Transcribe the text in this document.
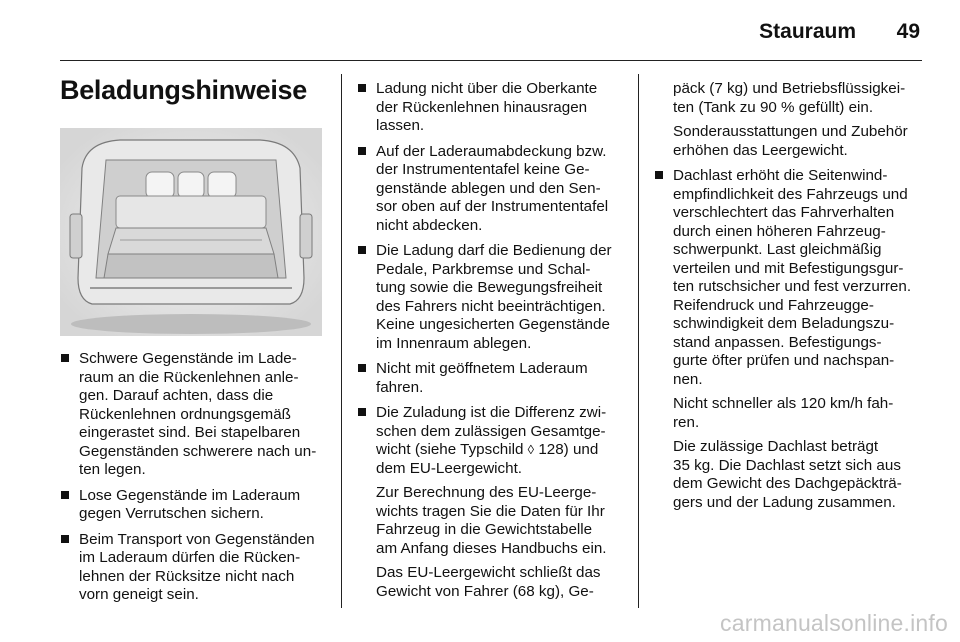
Stauraum 49
Beladungshinweise

Schwere Gegenstände im Lade-
raum an die Rückenlehnen anle-
gen. Darauf achten, dass die
Rückenlehnen ordnungsgemäß
eingerastet sind. Bei stapelbaren
Gegenständen schwerere nach un-
ten legen.

Lose Gegenstände im Laderaum
gegen Verrutschen sichern.

Beim Transport von Gegenständen
im Laderaum dürfen die Rücken-
lehnen der Rücksitze nicht nach
vorn geneigt sein.

Ladung nicht über die Oberkante
der Rückenlehnen hinausragen
lassen.

Auf der Laderaumabdeckung bzw.
der Instrumententafel keine Ge-
genstände ablegen und den Sen-
sor oben auf der Instrumententafel
nicht abdecken.

Die Ladung darf die Bedienung der
Pedale, Parkbremse und Schal-
tung sowie die Bewegungsfreiheit
des Fahrers nicht beeinträchtigen.
Keine ungesicherten Gegenstände
im Innenraum ablegen.

Nicht mit geöffnetem Laderaum
fahren.

Die Zuladung ist die Differenz zwi-
schen dem zulässigen Gesamtge-
wicht (siehe Typschild ◊ 128) und
dem EU-Leergewicht.

Zur Berechnung des EU-Leerge-
wichts tragen Sie die Daten für Ihr
Fahrzeug in die Gewichtstabelle
am Anfang dieses Handbuchs ein.

Das EU-Leergewicht schließt das
Gewicht von Fahrer (68 kg), Ge-

päck (7 kg) und Betriebsflüssigkei-
ten (Tank zu 90 % gefüllt) ein.

Sonderausstattungen und Zubehör
erhöhen das Leergewicht.

Dachlast erhöht die Seitenwind-
empfindlichkeit des Fahrzeugs und
verschlechtert das Fahrverhalten
durch einen höheren Fahrzeug-
schwerpunkt. Last gleichmäßig
verteilen und mit Befestigungsgur-
ten rutschsicher und fest verzurren.
Reifendruck und Fahrzeugge-
schwindigkeit dem Beladungszu-
stand anpassen. Befestigungs-
gurte öfter prüfen und nachspan-
nen.

Nicht schneller als 120 km/h fah-
ren.

Die zulässige Dachlast beträgt
35 kg. Die Dachlast setzt sich aus
dem Gewicht des Dachgepäckträ-
gers und der Ladung zusammen.

carmanualsonline.info
